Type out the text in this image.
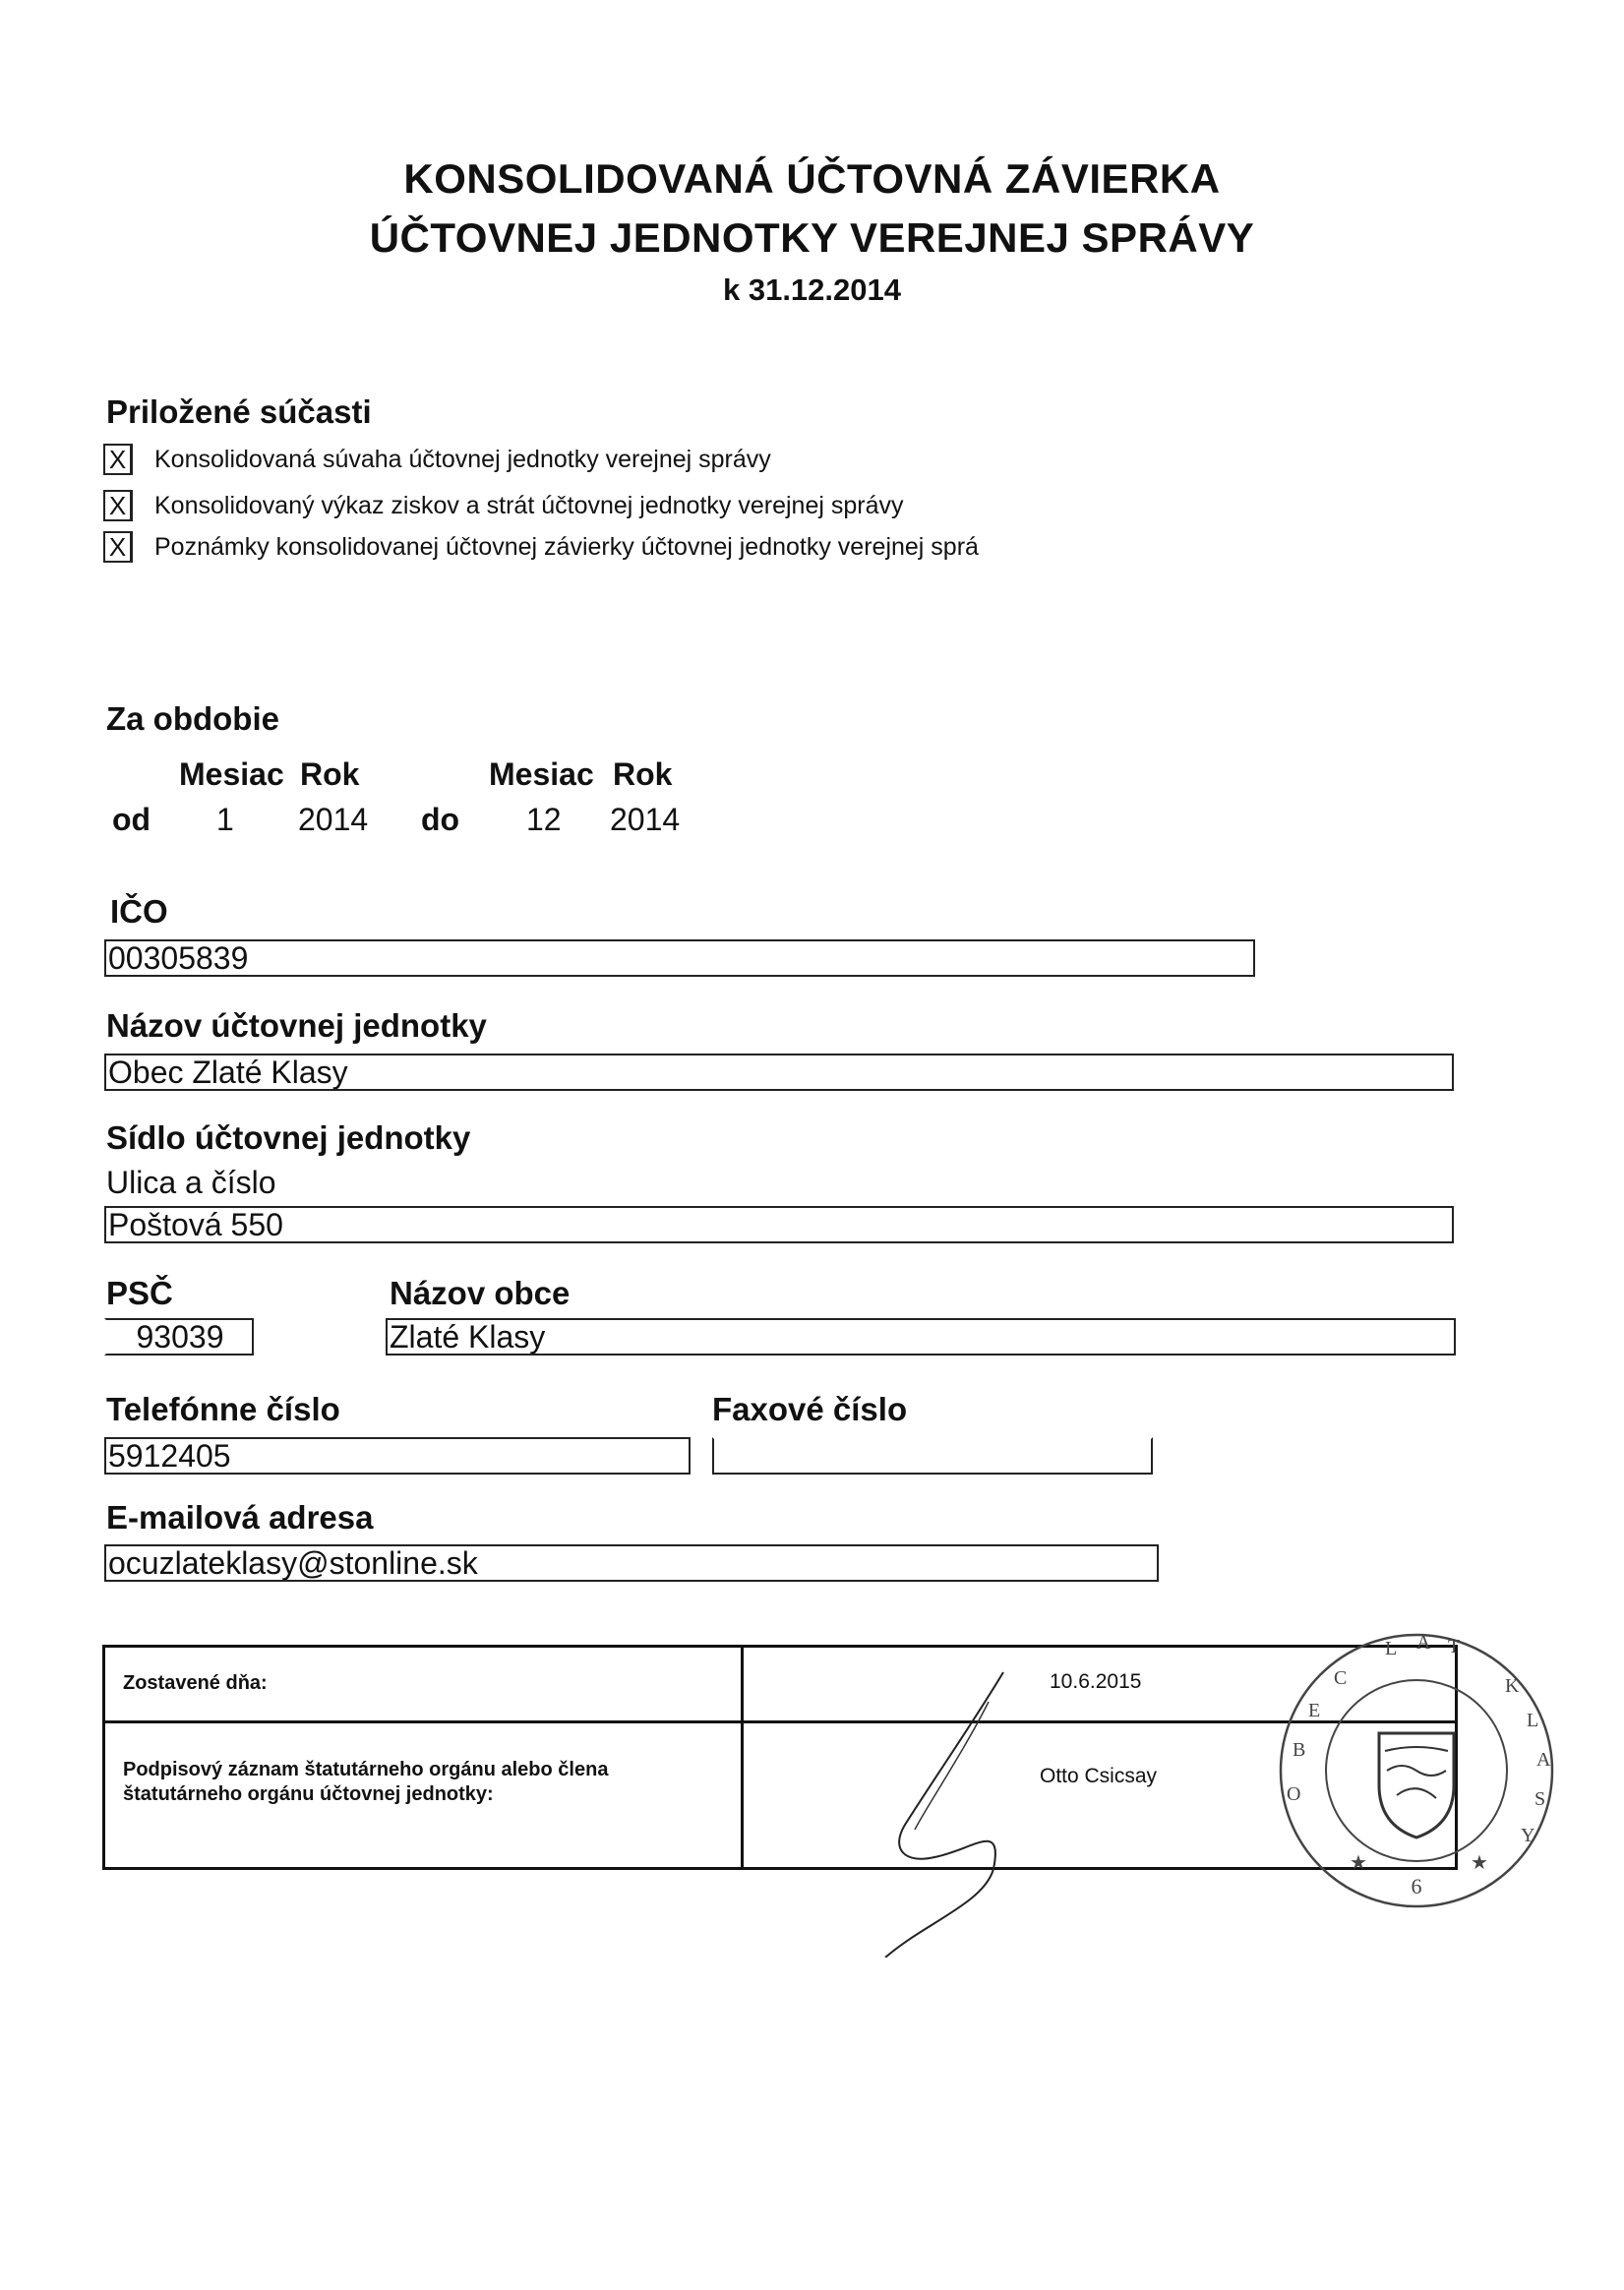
KONSOLIDOVANÁ ÚČTOVNÁ ZÁVIERKA
ÚČTOVNEJ JEDNOTKY VEREJNEJ SPRÁVY
k 31.12.2014
Priložené súčasti
X Konsolidovaná súvaha účtovnej jednotky verejnej správy
X Konsolidovaný výkaz ziskov a strát účtovnej jednotky verejnej správy
X Poznámky konsolidovanej účtovnej závierky účtovnej jednotky verejnej sprá
Za obdobie
Mesiac Rok	Mesiac Rok
od 1 2014 do 12 2014
IČO
00305839
Názov účtovnej jednotky
Obec Zlaté Klasy
Sídlo účtovnej jednotky
Ulica a číslo
Poštová 550
PSČ	Názov obce
93039	Zlaté Klasy
Telefónne číslo	Faxové číslo
5912405
E-mailová adresa
ocuzlateklasy@stonline.sk
Zostavené dňa:	10.6.2015
Podpisový záznam štatutárneho orgánu alebo člena
štatutárneho orgánu účtovnej jednotky:
Otto Csicsay
6
O
B
E
C
L A T
K
L
A
S
Y
★	★
